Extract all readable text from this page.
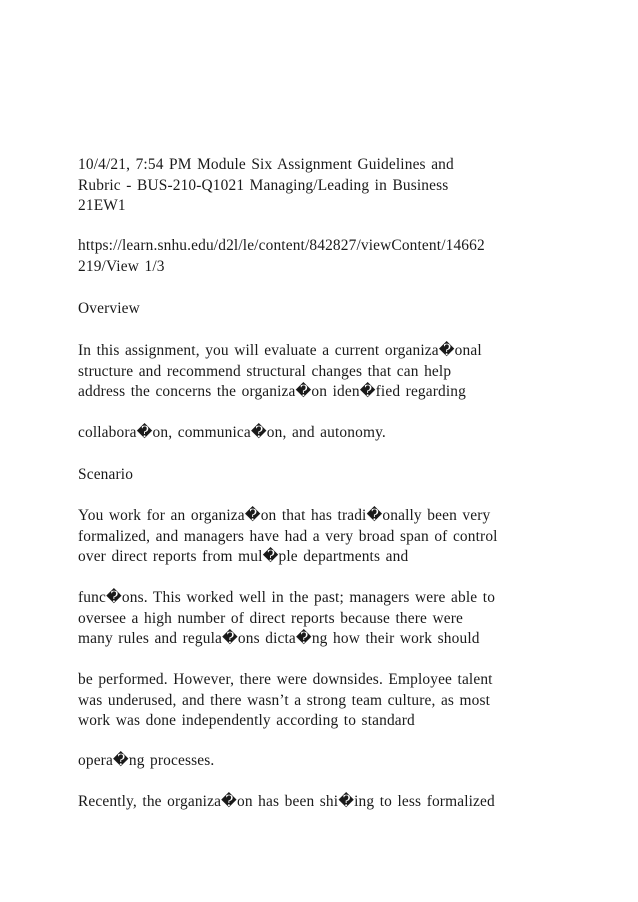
10/4/21, 7:54 PM Module Six Assignment Guidelines and
Rubric - BUS-210-Q1021 Managing/Leading in Business
21EW1
https://learn.snhu.edu/d2l/le/content/842827/viewContent/14662
219/View 1/3
Overview
In this assignment, you will evaluate a current organiza�onal
structure and recommend structural changes that can help
address the concerns the organiza�on iden�fied regarding
collabora�on, communica�on, and autonomy.
Scenario
You work for an organiza�on that has tradi�onally been very
formalized, and managers have had a very broad span of control
over direct reports from mul�ple departments and
func�ons. This worked well in the past; managers were able to
oversee a high number of direct reports because there were
many rules and regula�ons dicta�ng how their work should
be performed. However, there were downsides. Employee talent
was underused, and there wasn’t a strong team culture, as most
work was done independently according to standard
opera�ng processes.
Recently, the organiza�on has been shi�ing to less formalized
